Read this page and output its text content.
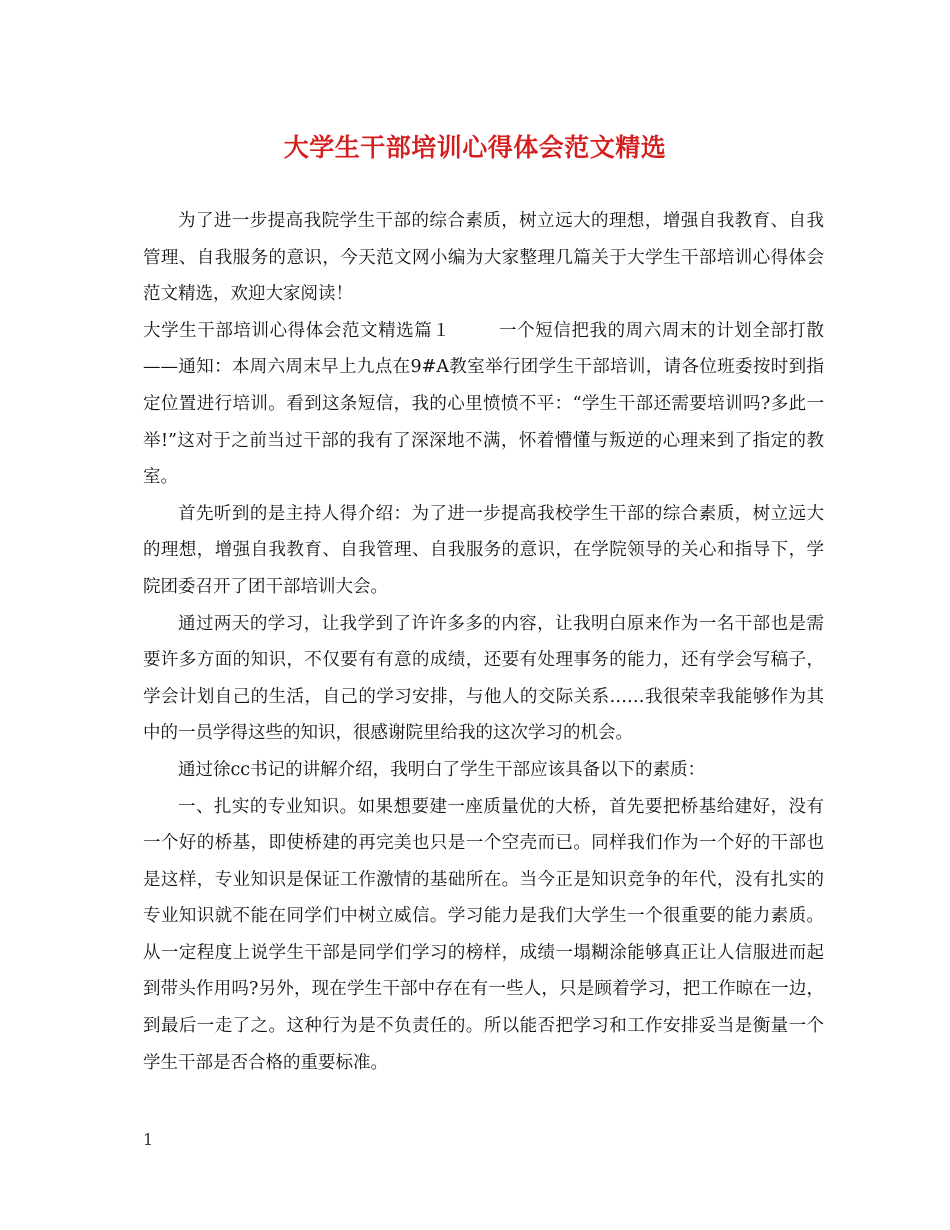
大学生干部培训心得体会范文精选

为了进一步提高我院学生干部的综合素质，树立远大的理想，增强自我教育、自我管理、自我服务的意识，今天范文网小编为大家整理几篇关于大学生干部培训心得体会范文精选，欢迎大家阅读！

大学生干部培训心得体会范文精选篇１	一个短信把我的周六周末的计划全部打散——通知：本周六周末早上九点在9#A教室举行团学生干部培训，请各位班委按时到指定位置进行培训。看到这条短信，我的心里愤愤不平：“学生干部还需要培训吗?多此一举!”这对于之前当过干部的我有了深深地不满，怀着懵懂与叛逆的心理来到了指定的教室。

首先听到的是主持人得介绍：为了进一步提高我校学生干部的综合素质，树立远大的理想，增强自我教育、自我管理、自我服务的意识，在学院领导的关心和指导下，学院团委召开了团干部培训大会。

通过两天的学习，让我学到了许许多多的内容，让我明白原来作为一名干部也是需要许多方面的知识，不仅要有有意的成绩，还要有处理事务的能力，还有学会写稿子，学会计划自己的生活，自己的学习安排，与他人的交际关系……我很荣幸我能够作为其中的一员学得这些的知识，很感谢院里给我的这次学习的机会。

通过徐cc书记的讲解介绍，我明白了学生干部应该具备以下的素质：

一、扎实的专业知识。如果想要建一座质量优的大桥，首先要把桥基给建好，没有一个好的桥基，即使桥建的再完美也只是一个空壳而已。同样我们作为一个好的干部也是这样，专业知识是保证工作激情的基础所在。当今正是知识竞争的年代，没有扎实的专业知识就不能在同学们中树立威信。学习能力是我们大学生一个很重要的能力素质。从一定程度上说学生干部是同学们学习的榜样，成绩一塌糊涂能够真正让人信服进而起到带头作用吗?另外，现在学生干部中存在有一些人，只是顾着学习，把工作晾在一边，到最后一走了之。这种行为是不负责任的。所以能否把学习和工作安排妥当是衡量一个学生干部是否合格的重要标准。

1
